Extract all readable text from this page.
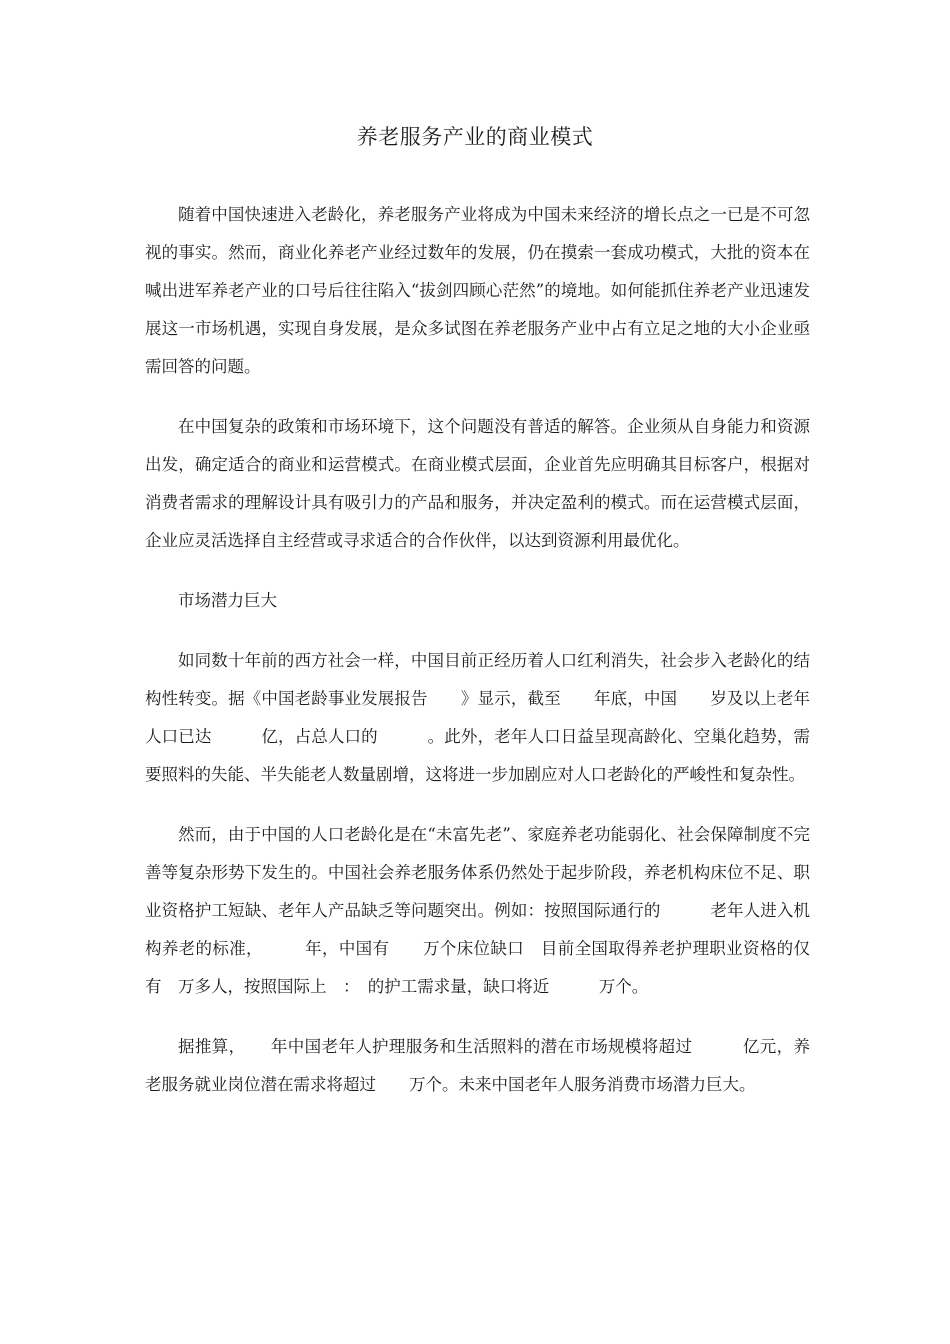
养老服务产业的商业模式

随着中国快速进入老龄化，养老服务产业将成为中国未来经济的增长点之一已是不可忽视的事实。然而，商业化养老产业经过数年的发展，仍在摸索一套成功模式，大批的资本在喊出进军养老产业的口号后往往陷入“拔剑四顾心茫然”的境地。如何能抓住养老产业迅速发展这一市场机遇，实现自身发展，是众多试图在养老服务产业中占有立足之地的大小企业亟需回答的问题。

在中国复杂的政策和市场环境下，这个问题没有普适的解答。企业须从自身能力和资源出发，确定适合的商业和运营模式。在商业模式层面，企业首先应明确其目标客户，根据对消费者需求的理解设计具有吸引力的产品和服务，并决定盈利的模式。而在运营模式层面，企业应灵活选择自主经营或寻求适合的合作伙伴，以达到资源利用最优化。

市场潜力巨大

如同数十年前的西方社会一样，中国目前正经历着人口红利消失，社会步入老龄化的结构性转变。据《中国老龄事业发展报告　　》显示，截至　　年底，中国　　岁及以上老年人口已达　　　亿，占总人口的　　　。此外，老年人口日益呈现高龄化、空巢化趋势，需要照料的失能、半失能老人数量剧增，这将进一步加剧应对人口老龄化的严峻性和复杂性。

然而，由于中国的人口老龄化是在“未富先老”、家庭养老功能弱化、社会保障制度不完善等复杂形势下发生的。中国社会养老服务体系仍然处于起步阶段，养老机构床位不足、职业资格护工短缺、老年人产品缺乏等问题突出。例如：按照国际通行的　　　老年人进入机构养老的标准，　　　年，中国有　　万个床位缺口　目前全国取得养老护理职业资格的仅有　万多人，按照国际上　：　的护工需求量，缺口将近　　　万个。

据推算，　　年中国老年人护理服务和生活照料的潜在市场规模将超过　　　亿元，养老服务就业岗位潜在需求将超过　　万个。未来中国老年人服务消费市场潜力巨大。
